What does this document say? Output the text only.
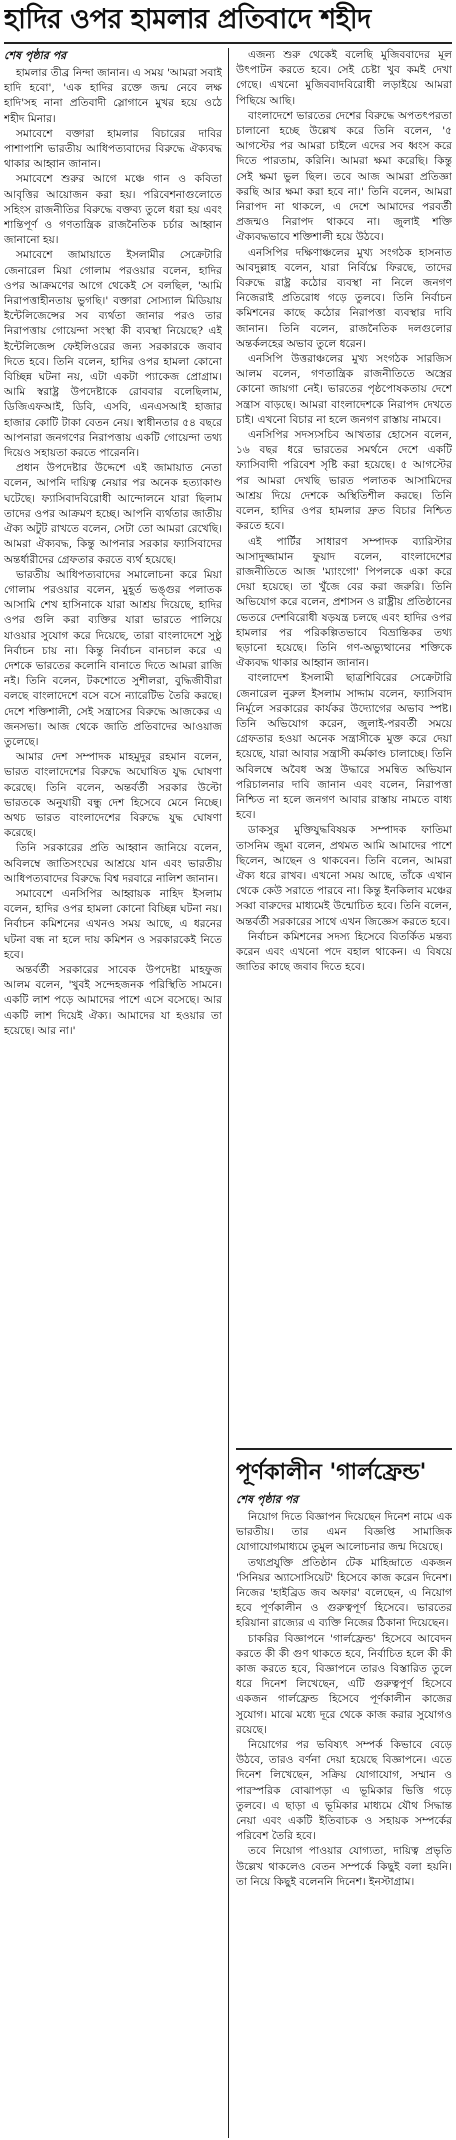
হাদির ওপর হামলার প্রতিবাদে শহীদ
শেষ পৃষ্ঠার পর

হামলার তীব্র নিন্দা জানান। এ সময় 'আমরা সবাই হাদি হবো', 'এক হাদির রক্তে জন্ম নেবে লক্ষ হাদি'সহ নানা প্রতিবাদী স্লোগানে মুখর হয়ে ওঠে শহীদ মিনার।

সমাবেশে বক্তারা হামলার বিচারের দাবির পাশাপাশি ভারতীয় আধিপত্যবাদের বিরুদ্ধে ঐক্যবদ্ধ থাকার আহ্বান জানান।

সমাবেশে শুরুর আগে মঞ্চে গান ও কবিতা আবৃত্তির আয়োজন করা হয়। পরিবেশনাগুলোতে সহিংস রাজনীতির বিরুদ্ধে বক্তব্য তুলে ধরা হয় এবং শান্তিপূর্ণ ও গণতান্ত্রিক রাজনৈতিক চর্চার আহ্বান জানানো হয়।

সমাবেশে জামায়াতে ইসলামীর সেক্রেটারি জেনারেল মিয়া গোলাম পরওয়ার বলেন, হাদির ওপর আক্রমণের আগে থেকেই সে বলছিল, 'আমি নিরাপত্তাহীনতায় ভুগছি।' বক্তারা সোস্যাল মিডিয়ায় ইন্টেলিজেন্সের সব ব্যর্থতা জানার পরও তার নিরাপত্তায় গোয়েন্দা সংস্থা কী ব্যবস্থা নিয়েছে? এই ইন্টেলিজেন্স ফেইলিওরের জন্য সরকারকে জবাব দিতে হবে। তিনি বলেন, হাদির ওপর হামলা কোনো বিচ্ছিন্ন ঘটনা নয়, এটা একটা প্যাকেজ প্রোগ্রাম। আমি স্বরাষ্ট্র উপদেষ্টাকে রোববার বলেছিলাম, ডিজিএফআই, ডিবি, এসবি, এনএসআই হাজার হাজার কোটি টাকা বেতন নেয়। স্বাধীনতার ৫৪ বছরে আপনারা জনগণের নিরাপত্তায় একটি গোয়েন্দা তথ্য দিয়েও সহায়তা করতে পারেননি।

প্রধান উপদেষ্টার উদ্দেশে এই জামায়াত নেতা বলেন, আপনি দায়িত্ব নেয়ার পর অনেক হত্যাকাণ্ড ঘটেছে। ফ্যাসিবাদবিরোধী আন্দোলনে যারা ছিলাম তাদের ওপর আক্রমণ হচ্ছে। আপনি ব্যর্থতার জাতীয় ঐক্য অটুট রাখতে বলেন, সেটা তো আমরা রেখেছি। আমরা ঐক্যবদ্ধ, কিন্তু আপনার সরকার ফ্যাসিবাদের অন্তর্ধারীদের গ্রেফতার করতে ব্যর্থ হয়েছে।

ভারতীয় আধিপত্যবাদের সমালোচনা করে মিয়া গোলাম পরওয়ার বলেন, মুহূর্ত ভঙ্গুর পলাতক আসামি শেখ হাসিনাকে যারা আশ্রয় দিয়েছে, হাদির ওপর গুলি করা ব্যক্তির যারা ভারতে পালিয়ে যাওয়ার সুযোগ করে দিয়েছে, তারা বাংলাদেশে সুষ্ঠু নির্বাচন চায় না। কিন্তু নির্বাচন বানচাল করে এ দেশকে ভারতের কলোনি বানাতে দিতে আমরা রাজি নই। তিনি বলেন, টকশোতে সুশীলরা, বুদ্ধিজীবীরা বলছে বাংলাদেশে বসে বসে ন্যারেটিভ তৈরি করছে। দেশে শক্তিশালী, সেই সন্ত্রাসের বিরুদ্ধে আজকের এ জনসভা। আজ থেকে জাতি প্রতিবাদের আওয়াজ তুলেছে।

আমার দেশ সম্পাদক মাহমুদুর রহমান বলেন, ভারত বাংলাদেশের বিরুদ্ধে অঘোষিত যুদ্ধ ঘোষণা করেছে। তিনি বলেন, অন্তর্বর্তী সরকার উল্টো ভারতকে অনুযায়ী বন্ধু দেশ হিসেবে মেনে নিচ্ছে। অথচ ভারত বাংলাদেশের বিরুদ্ধে যুদ্ধ ঘোষণা করেছে।

তিনি সরকারের প্রতি আহ্বান জানিয়ে বলেন, অবিলম্বে জাতিসংঘের আশ্রয়ে যান এবং ভারতীয় আধিপত্যবাদের বিরুদ্ধে বিশ্ব দরবারে নালিশ জানান।

সমাবেশে এনসিপির আহ্বায়ক নাহিদ ইসলাম বলেন, হাদির ওপর হামলা কোনো বিচ্ছিন্ন ঘটনা নয়। নির্বাচন কমিশনের এখনও সময় আছে, এ ধরনের ঘটনা বন্ধ না হলে দায় কমিশন ও সরকারকেই নিতে হবে।

অন্তর্বর্তী সরকারের সাবেক উপদেষ্টা মাহফুজ আলম বলেন, 'খুবই সন্দেহজনক পরিস্থিতি সামনে। একটি লাশ পড়ে আমাদের পাশে এসে বসেছে। আর একটি লাশ দিয়েই ঐক্য। আমাদের যা হওয়ার তা হয়েছে। আর না।'

এজন্য শুরু থেকেই বলেছি মুজিববাদের মূল উৎপাটন করতে হবে। সেই চেষ্টা খুব কমই দেখা গেছে। এখনো মুজিববাদবিরোধী লড়াইয়ে আমরা পিছিয়ে আছি।

বাংলাদেশে ভারতের দেশের বিরুদ্ধে অপতৎপরতা চালানো হচ্ছে উল্লেখ করে তিনি বলেন, '৫ আগস্টের পর আমরা চাইলে এদের সব ধ্বংস করে দিতে পারতাম, করিনি। আমরা ক্ষমা করেছি। কিন্তু সেই ক্ষমা ভুল ছিল। তবে আজ আমরা প্রতিজ্ঞা করছি আর ক্ষমা করা হবে না।' তিনি বলেন, আমরা নিরাপদ না থাকলে, এ দেশে আমাদের পরবর্তী প্রজন্মও নিরাপদ থাকবে না। জুলাই শক্তি ঐক্যবদ্ধভাবে শক্তিশালী হয়ে উঠবে।

এনসিপির দক্ষিণাঞ্চলের মুখ্য সংগঠক হাসনাত আবদুল্লাহ বলেন, যারা নির্বিঘ্নে ফিরছে, তাদের বিরুদ্ধে রাষ্ট্র কঠোর ব্যবস্থা না নিলে জনগণ নিজেরাই প্রতিরোধ গড়ে তুলবে। তিনি নির্বাচন কমিশনের কাছে কঠোর নিরাপত্তা ব্যবস্থার দাবি জানান। তিনি বলেন, রাজনৈতিক দলগুলোর অন্তর্কলহের অভাব তুলে ধরেন।

এনসিপি উত্তরাঞ্চলের মুখ্য সংগঠক সারজিস আলম বলেন, গণতান্ত্রিক রাজনীতিতে অস্ত্রের কোনো জায়গা নেই। ভারতের পৃষ্ঠপোষকতায় দেশে সন্ত্রাস বাড়ছে। আমরা বাংলাদেশকে নিরাপদ দেখতে চাই। এখনো বিচার না হলে জনগণ রাস্তায় নামবে।

এনসিপির সদস্যসচিব আখতার হোসেন বলেন, ১৬ বছর ধরে ভারতের সমর্থনে দেশে একটি ফ্যাসিবাদী পরিবেশ সৃষ্টি করা হয়েছে। ৫ আগস্টের পর আমরা দেখছি ভারত পলাতক আসামিদের আশ্রয় দিয়ে দেশকে অস্থিতিশীল করছে। তিনি বলেন, হাদির ওপর হামলার দ্রুত বিচার নিশ্চিত করতে হবে।

এই পার্টির সাধারণ সম্পাদক ব্যারিস্টার আসাদুজ্জামান ফুয়াদ বলেন, বাংলাদেশের রাজনীতিতে আজ 'ম্যাংগো' পিপলকে একা করে দেয়া হয়েছে। তা খুঁজে বের করা জরুরি। তিনি অভিযোগ করে বলেন, প্রশাসন ও রাষ্ট্রীয় প্রতিষ্ঠানের ভেতরে দেশবিরোধী ষড়যন্ত্র চলছে এবং হাদির ওপর হামলার পর পরিকল্পিতভাবে বিভ্রান্তিকর তথ্য ছড়ানো হয়েছে। তিনি গণ-অভ্যুত্থানের শক্তিকে ঐক্যবদ্ধ থাকার আহ্বান জানান।

বাংলাদেশ ইসলামী ছাত্রশিবিরের সেক্রেটারি জেনারেল নুরুল ইসলাম সাদ্দাম বলেন, ফ্যাসিবাদ নির্মূলে সরকারের কার্যকর উদ্যোগের অভাব স্পষ্ট। তিনি অভিযোগ করেন, জুলাই-পরবর্তী সময়ে গ্রেফতার হওয়া অনেক সন্ত্রাসীকে মুক্ত করে দেয়া হয়েছে, যারা আবার সন্ত্রাসী কর্মকাণ্ড চালাচ্ছে। তিনি অবিলম্বে অবৈধ অস্ত্র উদ্ধারে সমন্বিত অভিযান পরিচালনার দাবি জানান এবং বলেন, নিরাপত্তা নিশ্চিত না হলে জনগণ আবার রাস্তায় নামতে বাধ্য হবে।

ডাকসুর মুক্তিযুদ্ধবিষয়ক সম্পাদক ফাতিমা তাসনিম জুমা বলেন, প্রথমত আমি আমাদের পাশে ছিলেন, আছেন ও থাকবেন। তিনি বলেন, আমরা ঐক্য ধরে রাখব। এখনো সময় আছে, তাঁকে এখান থেকে কেউ সরাতে পারবে না। কিন্তু ইনকিলাব মঞ্চের সব্বা বারুদের মাধ্যমেই উন্মোচিত হবে। তিনি বলেন, অন্তর্বর্তী সরকারের সাথে এখন জিজ্ঞেস করতে হবে।

নির্বাচন কমিশনের সদস্য হিসেবে বিতর্কিত মন্তব্য করেন এবং এখনো পদে বহাল থাকেন। এ বিষয়ে জাতির কাছে জবাব দিতে হবে।

পূর্ণকালীন 'গার্লফ্রেন্ড'
শেষ পৃষ্ঠার পর

নিয়োগ দিতে বিজ্ঞাপন দিয়েছেন দিনেশ নামে এক ভারতীয়। তার এমন বিজ্ঞপ্তি সামাজিক যোগাযোগমাধ্যমে তুমুল আলোচনার জন্ম দিয়েছে।

তথ্যপ্রযুক্তি প্রতিষ্ঠান টেক মাহিন্দ্রাতে একজন 'সিনিয়র অ্যাসোসিয়েট' হিসেবে কাজ করেন দিনেশ। নিজের 'হাইব্রিড জব অফার' বলেছেন, এ নিয়োগ হবে পূর্ণকালীন ও গুরুত্বপূর্ণ হিসেবে। ভারতের হরিয়ানা রাজ্যের এ ব্যক্তি নিজের ঠিকানা দিয়েছেন।

চাকরির বিজ্ঞাপনে 'গার্লফ্রেন্ড' হিসেবে আবেদন করতে কী কী গুণ থাকতে হবে, নির্বাচিত হলে কী কী কাজ করতে হবে, বিজ্ঞাপনে তারও বিস্তারিত তুলে ধরে দিনেশ লিখেছেন, এটি গুরুত্বপূর্ণ হিসেবে একজন গার্লফ্রেন্ড হিসেবে পূর্ণকালীন কাজের সুযোগ। মাঝে মধ্যে দূরে থেকে কাজ করার সুযোগও রয়েছে।

নিয়োগের পর ভবিষ্যৎ সম্পর্ক কিভাবে বেড়ে উঠবে, তারও বর্ণনা দেয়া হয়েছে বিজ্ঞাপনে। এতে দিনেশ লিখেছেন, সক্রিয় যোগাযোগ, সম্মান ও পারস্পরিক বোঝাপড়া এ ভূমিকার ভিত্তি গড়ে তুলবে। এ ছাড়া এ ভূমিকার মাধ্যমে যৌথ সিদ্ধান্ত নেয়া এবং একটি ইতিবাচক ও সহায়ক সম্পর্কের পরিবেশ তৈরি হবে।

তবে নিয়োগ পাওয়ার যোগ্যতা, দায়িত্ব প্রভৃতি উল্লেখ থাকলেও বেতন সম্পর্কে কিছুই বলা হয়নি। তা নিয়ে কিছুই বলেননি দিনেশ। ইনস্টাগ্রাম।
